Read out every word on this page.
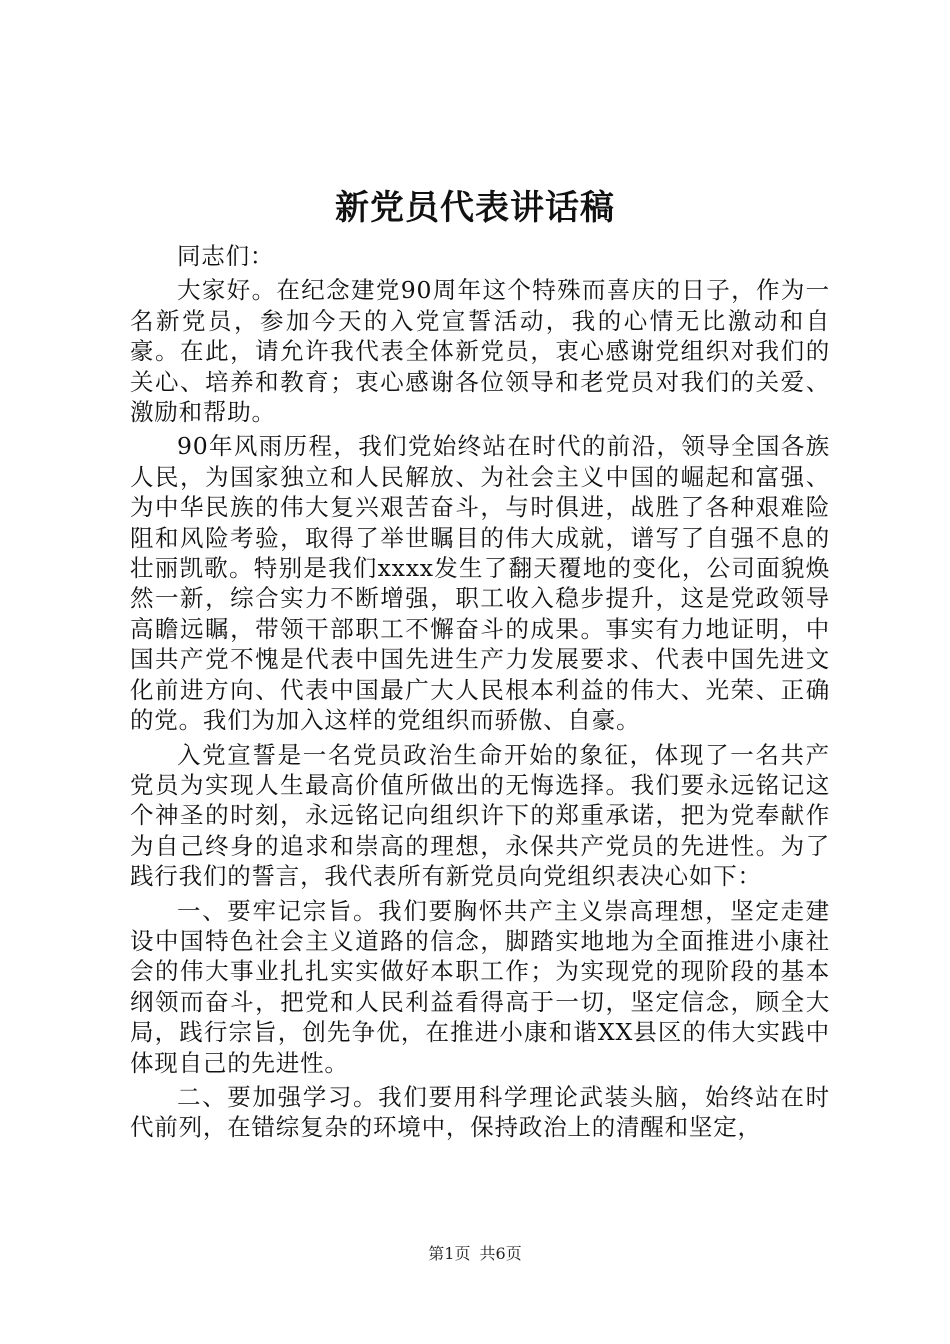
新党员代表讲话稿

同志们：

大家好。在纪念建党90周年这个特殊而喜庆的日子，作为一名新党员，参加今天的入党宣誓活动，我的心情无比激动和自豪。在此，请允许我代表全体新党员，衷心感谢党组织对我们的关心、培养和教育；衷心感谢各位领导和老党员对我们的关爱、激励和帮助。

90年风雨历程，我们党始终站在时代的前沿，领导全国各族人民，为国家独立和人民解放、为社会主义中国的崛起和富强、为中华民族的伟大复兴艰苦奋斗，与时俱进，战胜了各种艰难险阻和风险考验，取得了举世瞩目的伟大成就，谱写了自强不息的壮丽凯歌。特别是我们xxxx发生了翻天覆地的变化，公司面貌焕然一新，综合实力不断增强，职工收入稳步提升，这是党政领导高瞻远瞩，带领干部职工不懈奋斗的成果。事实有力地证明，中国共产党不愧是代表中国先进生产力发展要求、代表中国先进文化前进方向、代表中国最广大人民根本利益的伟大、光荣、正确的党。我们为加入这样的党组织而骄傲、自豪。

入党宣誓是一名党员政治生命开始的象征，体现了一名共产党员为实现人生最高价值所做出的无悔选择。我们要永远铭记这个神圣的时刻，永远铭记向组织许下的郑重承诺，把为党奉献作为自己终身的追求和崇高的理想，永保共产党员的先进性。为了践行我们的誓言，我代表所有新党员向党组织表决心如下：

一、要牢记宗旨。我们要胸怀共产主义崇高理想，坚定走建设中国特色社会主义道路的信念，脚踏实地地为全面推进小康社会的伟大事业扎扎实实做好本职工作；为实现党的现阶段的基本纲领而奋斗，把党和人民利益看得高于一切，坚定信念，顾全大局，践行宗旨，创先争优，在推进小康和谐XX县区的伟大实践中体现自己的先进性。

二、要加强学习。我们要用科学理论武装头脑，始终站在时代前列，在错综复杂的环境中，保持政治上的清醒和坚定，

第1页 共6页
